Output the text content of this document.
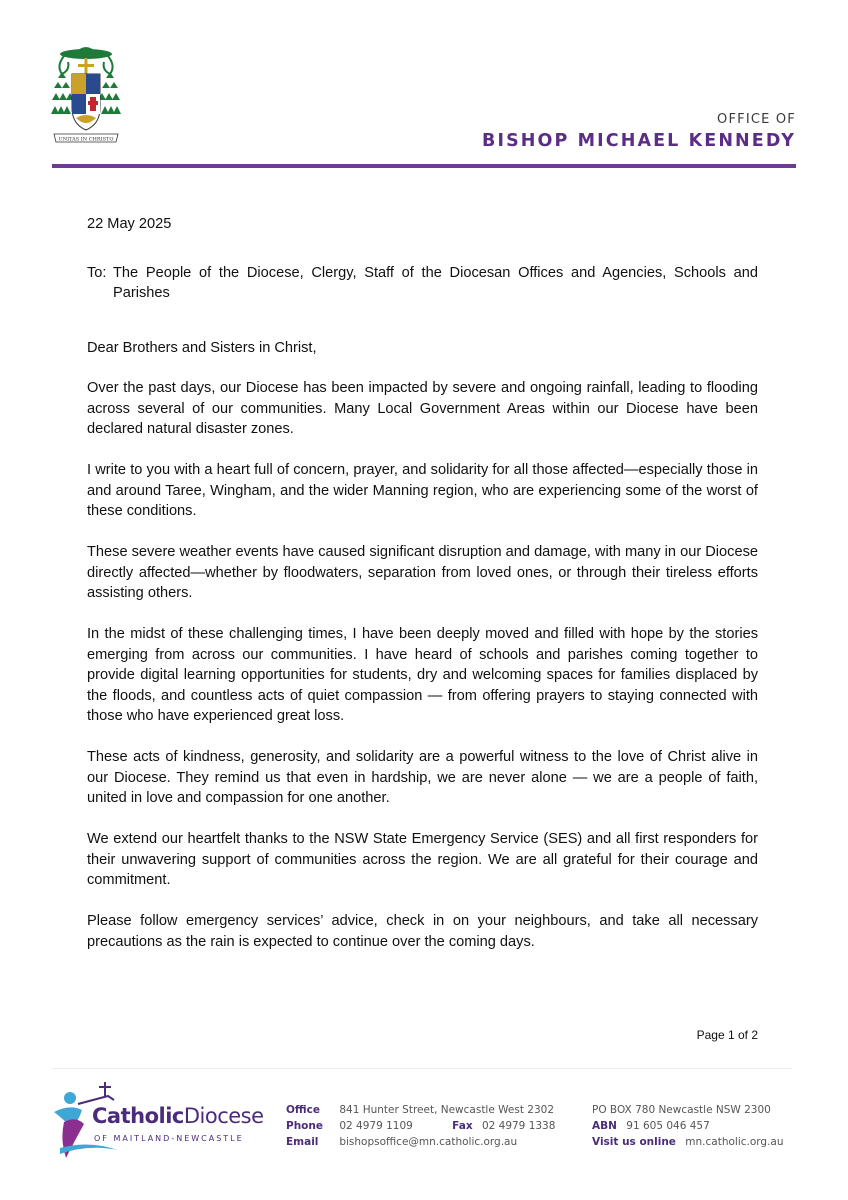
UNITAS IN CHRISTO
OFFICE OF
BISHOP MICHAEL KENNEDY

22 May 2025

To: The People of the Diocese, Clergy, Staff of the Diocesan Offices and Agencies, Schools and Parishes

Dear Brothers and Sisters in Christ,

Over the past days, our Diocese has been impacted by severe and ongoing rainfall, leading to flooding across several of our communities. Many Local Government Areas within our Diocese have been declared natural disaster zones.

I write to you with a heart full of concern, prayer, and solidarity for all those affected—especially those in and around Taree, Wingham, and the wider Manning region, who are experiencing some of the worst of these conditions.

These severe weather events have caused significant disruption and damage, with many in our Diocese directly affected—whether by floodwaters, separation from loved ones, or through their tireless efforts assisting others.

In the midst of these challenging times, I have been deeply moved and filled with hope by the stories emerging from across our communities. I have heard of schools and parishes coming together to provide digital learning opportunities for students, dry and welcoming spaces for families displaced by the floods, and countless acts of quiet compassion — from offering prayers to staying connected with those who have experienced great loss.

These acts of kindness, generosity, and solidarity are a powerful witness to the love of Christ alive in our Diocese. They remind us that even in hardship, we are never alone — we are a people of faith, united in love and compassion for one another.

We extend our heartfelt thanks to the NSW State Emergency Service (SES) and all first responders for their unwavering support of communities across the region. We are all grateful for their courage and commitment.

Please follow emergency services’ advice, check in on your neighbours, and take all necessary precautions as the rain is expected to continue over the coming days.

Page 1 of 2
CatholicDiocese
OF MAITLAND-NEWCASTLE
Office 841 Hunter Street, Newcastle West 2302
Phone 02 4979 1109	Fax 02 4979 1338
Email bishopsoffice@mn.catholic.org.au
PO BOX 780 Newcastle NSW 2300
ABN 91 605 046 457
Visit us online mn.catholic.org.au
